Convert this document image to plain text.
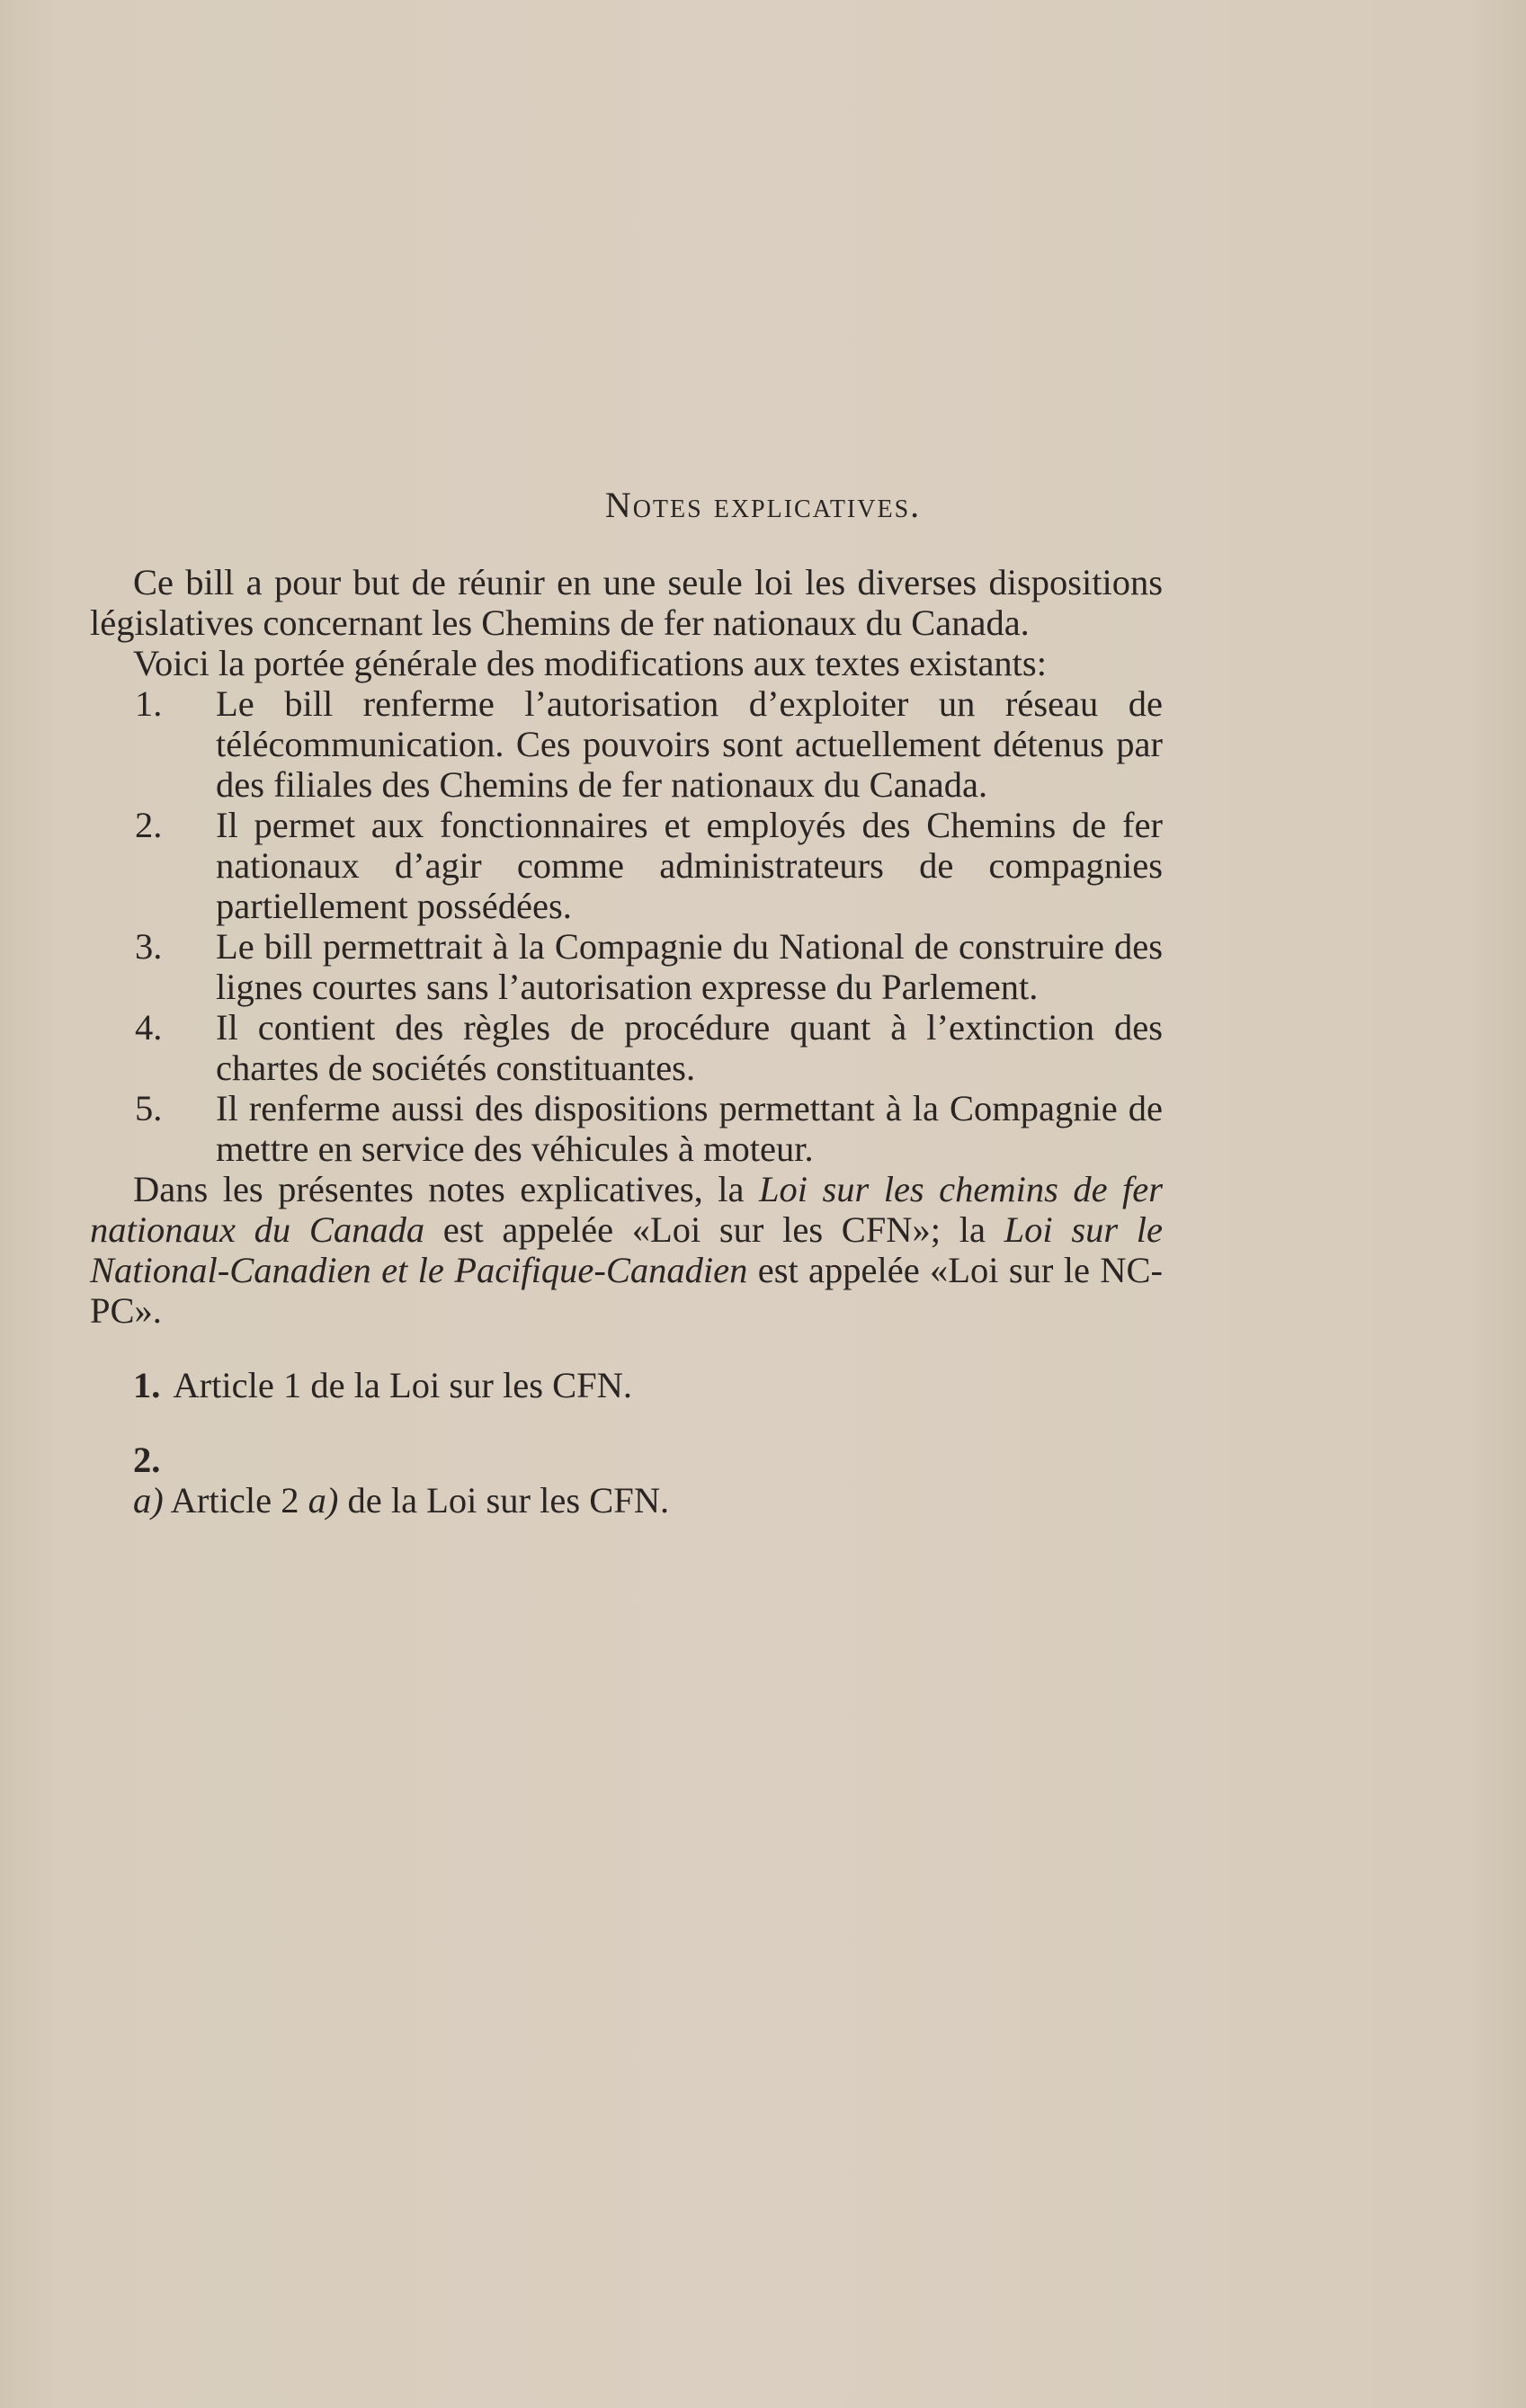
Notes explicatives.

Ce bill a pour but de réunir en une seule loi les diverses dispositions législatives concernant les Chemins de fer nationaux du Canada.

Voici la portée générale des modifications aux textes existants:

1.	Le bill renferme l’autorisation d’exploiter un réseau de télécommunication. Ces pouvoirs sont actuellement détenus par des filiales des Chemins de fer nationaux du Canada.
2.	Il permet aux fonctionnaires et employés des Chemins de fer nationaux d’agir comme administrateurs de compagnies partiellement possédées.
3.	Le bill permettrait à la Compagnie du National de construire des lignes courtes sans l’autorisation expresse du Parlement.
4.	Il contient des règles de procédure quant à l’extinction des chartes de sociétés constituantes.
5.	Il renferme aussi des dispositions permettant à la Compagnie de mettre en service des véhicules à moteur.

Dans les présentes notes explicatives, la Loi sur les chemins de fer nationaux du Canada est appelée «Loi sur les CFN»; la Loi sur le National-Canadien et le Pacifique-Canadien est appelée «Loi sur le NC-PC».

1. Article 1 de la Loi sur les CFN.

2.

a) Article 2 a) de la Loi sur les CFN.
